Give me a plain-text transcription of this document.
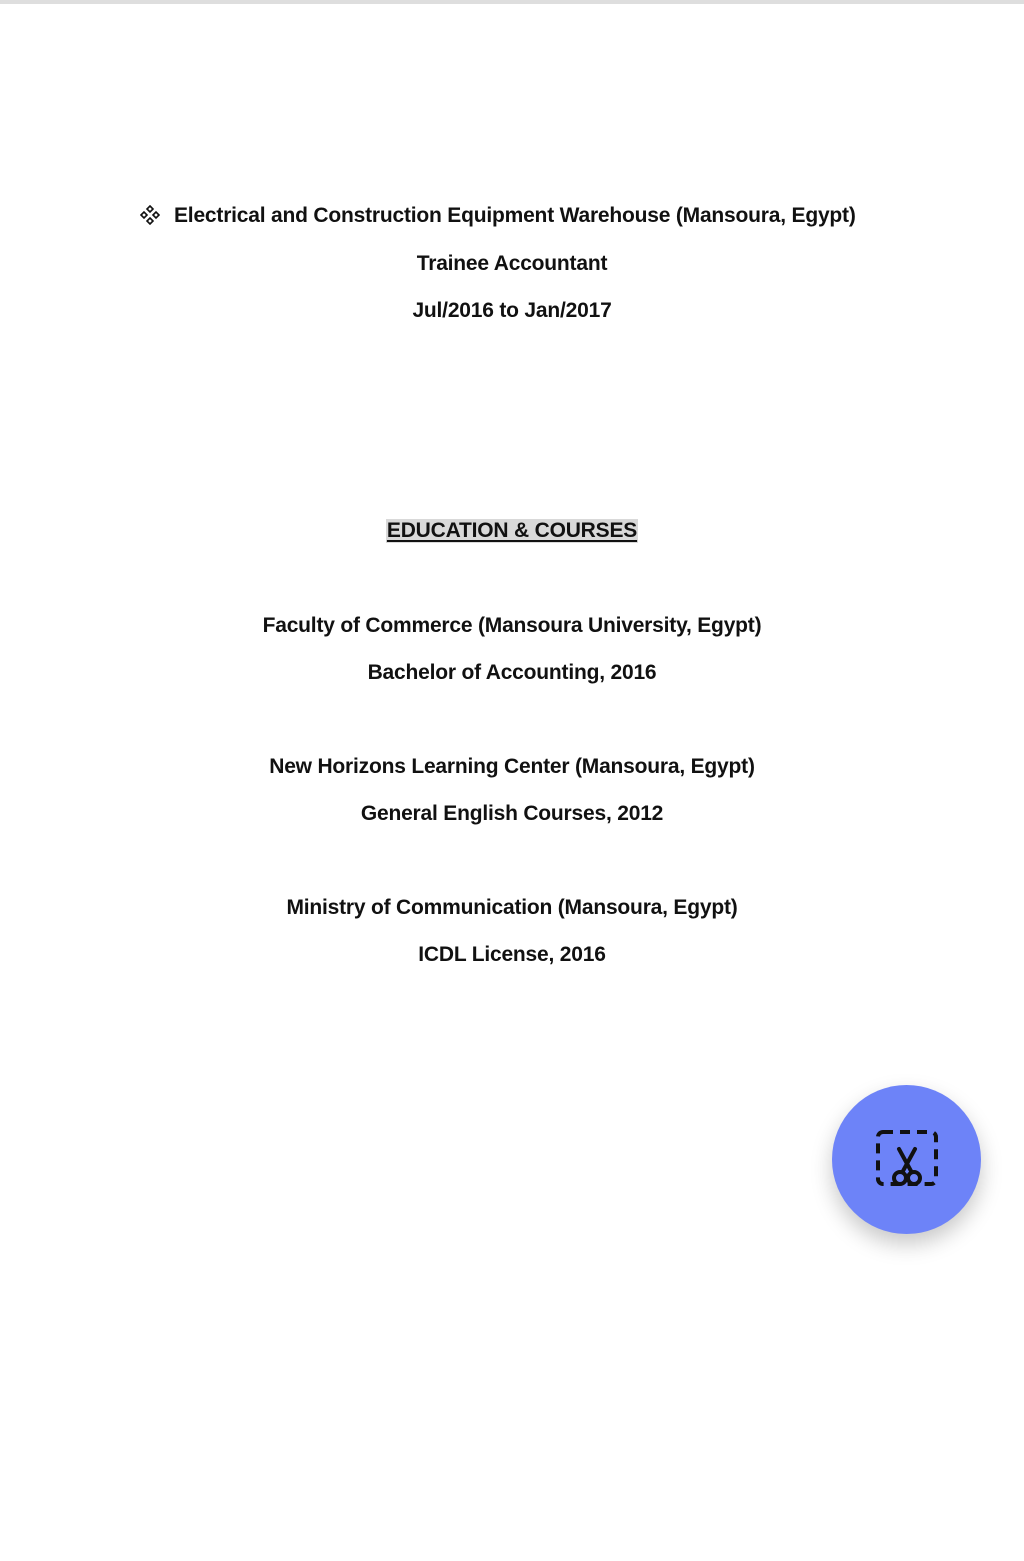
Electrical and Construction Equipment Warehouse (Mansoura, Egypt)
Trainee Accountant
Jul/2016 to Jan/2017
EDUCATION & COURSES
Faculty of Commerce (Mansoura University, Egypt)
Bachelor of Accounting, 2016
New Horizons Learning Center (Mansoura, Egypt)
General English Courses, 2012
Ministry of Communication (Mansoura, Egypt)
ICDL License, 2016
